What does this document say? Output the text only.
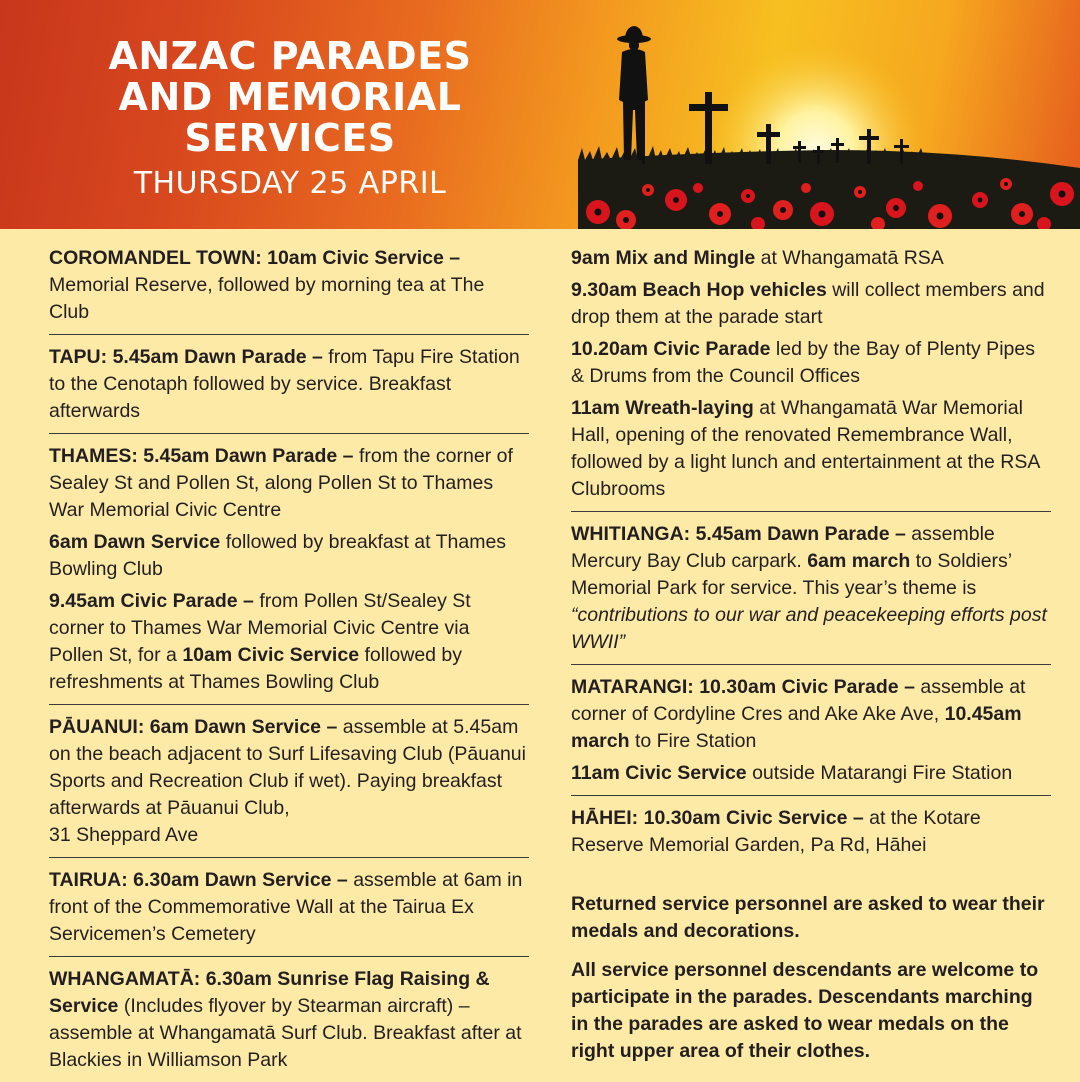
ANZAC PARADES
AND MEMORIAL
SERVICES
THURSDAY 25 APRIL

COROMANDEL TOWN: 10am Civic Service – Memorial Reserve, followed by morning tea at The Club

TAPU: 5.45am Dawn Parade – from Tapu Fire Station to the Cenotaph followed by service. Breakfast afterwards

THAMES: 5.45am Dawn Parade – from the corner of Sealey St and Pollen St, along Pollen St to Thames War Memorial Civic Centre

6am Dawn Service followed by breakfast at Thames Bowling Club

9.45am Civic Parade – from Pollen St/Sealey St corner to Thames War Memorial Civic Centre via Pollen St, for a 10am Civic Service followed by refreshments at Thames Bowling Club

PĀUANUI: 6am Dawn Service – assemble at 5.45am on the beach adjacent to Surf Lifesaving Club (Pāuanui Sports and Recreation Club if wet). Paying breakfast afterwards at Pāuanui Club,
31 Sheppard Ave

TAIRUA: 6.30am Dawn Service – assemble at 6am in front of the Commemorative Wall at the Tairua Ex Servicemen’s Cemetery

WHANGAMATĀ: 6.30am Sunrise Flag Raising & Service (Includes flyover by Stearman aircraft) – assemble at Whangamatā Surf Club. Breakfast after at Blackies in Williamson Park

9am Mix and Mingle at Whangamatā RSA

9.30am Beach Hop vehicles will collect members and drop them at the parade start

10.20am Civic Parade led by the Bay of Plenty Pipes & Drums from the Council Offices

11am Wreath-laying at Whangamatā War Memorial Hall, opening of the renovated Remembrance Wall, followed by a light lunch and entertainment at the RSA Clubrooms

WHITIANGA: 5.45am Dawn Parade – assemble Mercury Bay Club carpark. 6am march to Soldiers’ Memorial Park for service. This year’s theme is “contributions to our war and peacekeeping efforts post WWII”

MATARANGI: 10.30am Civic Parade – assemble at corner of Cordyline Cres and Ake Ake Ave, 10.45am march to Fire Station

11am Civic Service outside Matarangi Fire Station

HĀHEI: 10.30am Civic Service – at the Kotare Reserve Memorial Garden, Pa Rd, Hāhei

Returned service personnel are asked to wear their medals and decorations.

All service personnel descendants are welcome to participate in the parades. Descendants marching in the parades are asked to wear medals on the right upper area of their clothes.
